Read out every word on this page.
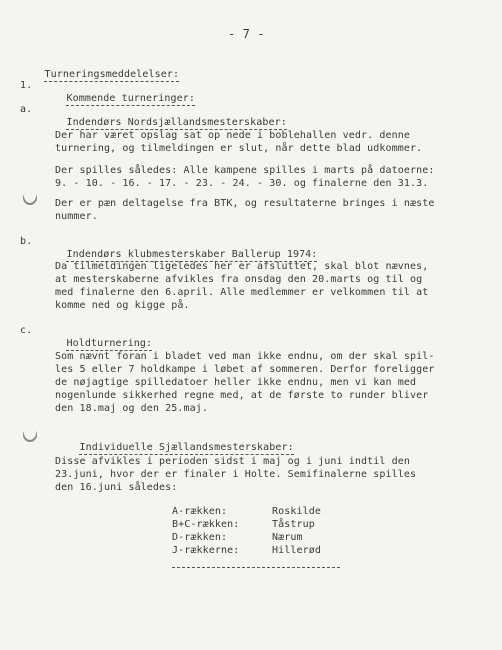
- 7 -

Turneringsmeddelelser:

1.

Kommende turneringer:

a.

Indendørs Nordsjællandsmesterskaber:

Der har været opslag sat op nede i boblehallen vedr. denne
turnering, og tilmeldingen er slut, når dette blad udkommer.
Der spilles således: Alle kampene spilles i marts på datoerne:
9. - 10. - 16. - 17. - 23. - 24. - 30. og finalerne den 31.3.
Der er pæn deltagelse fra BTK, og resultaterne bringes i næste
nummer.
b.

Indendørs klubmesterskaber Ballerup 1974:

Da tilmeldingen ligeledes her er afsluttet, skal blot nævnes,
at mesterskaberne afvikles fra onsdag den 20.marts og til og
med finalerne den 6.april. Alle medlemmer er velkommen til at
komme ned og kigge på.
c.

Holdturnering:

Som nævnt foran i bladet ved man ikke endnu, om der skal spil-
les 5 eller 7 holdkampe i løbet af sommeren. Derfor foreligger
de nøjagtige spilledatoer heller ikke endnu, men vi kan med
nogenlunde sikkerhed regne med, at de første to runder bliver
den 18.maj og den 25.maj.

Individuelle Sjællandsmesterskaber:

Disse afvikles i perioden sidst i maj og i juni indtil den
23.juni, hvor der er finaler i Holte. Semifinalerne spilles
den 16.juni således:
A-rækken:	Roskilde
B+C-rækken:	Tåstrup
D-rækken:	Nærum
J-rækkerne:	Hillerød
